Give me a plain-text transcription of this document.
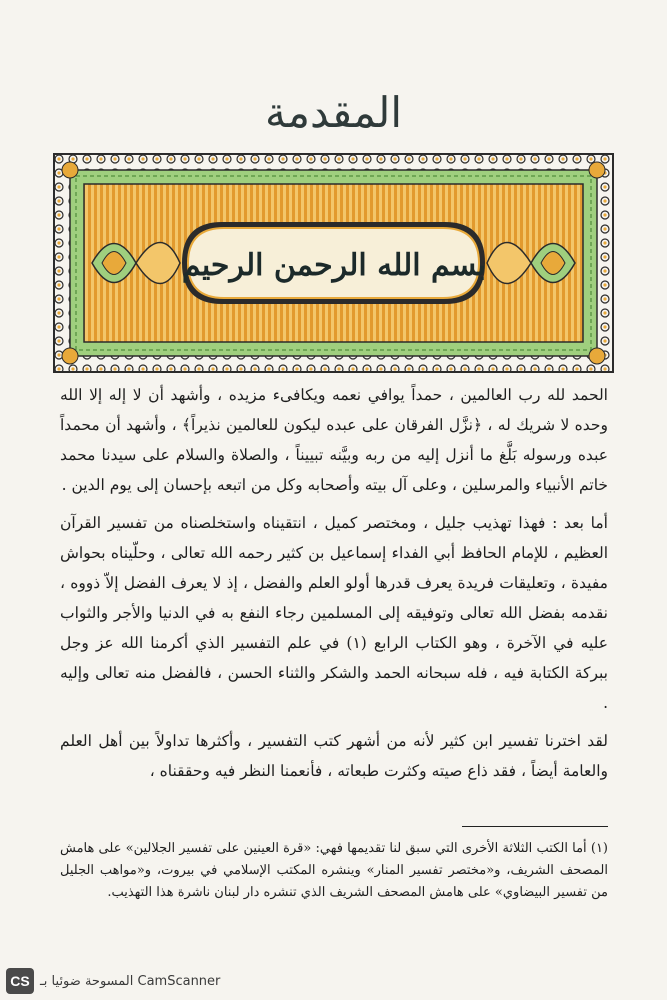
المقدمة
بسم الله الرحمن الرحيم

الحمد لله رب العالمين ، حمداً يوافي نعمه ويكافىء مزيده ، وأشهد أن لا إله إلا الله وحده لا شريك له ، ﴿نزَّل الفرقان على عبده ليكون للعالمين نذيراً﴾ ، وأشهد أن محمداً عبده ورسوله بَلَّغ ما أنزل إليه من ربه وبيَّنه تبييناً ، والصلاة والسلام على سيدنا محمد خاتم الأنبياء والمرسلين ، وعلى آل بيته وأصحابه وكل من اتبعه بإحسان إلى يوم الدين .

أما بعد : فهذا تهذيب جليل ، ومختصر كميل ، انتقيناه واستخلصناه من تفسير القرآن العظيم ، للإمام الحافظ أبي الفداء إسماعيل بن كثير رحمه الله تعالى ، وحلّيناه بحواش مفيدة ، وتعليقات فريدة يعرف قدرها أولو العلم والفضل ، إذ لا يعرف الفضل إلاّ ذووه ، نقدمه بفضل الله تعالى وتوفيقه إلى المسلمين رجاء النفع به في الدنيا والأجر والثواب عليه في الآخرة ، وهو الكتاب الرابع (١) في علم التفسير الذي أكرمنا الله عز وجل ببركة الكتابة فيه ، فله سبحانه الحمد والشكر والثناء الحسن ، فالفضل منه تعالى وإليه .

لقد اخترنا تفسير ابن كثير لأنه من أشهر كتب التفسير ، وأكثرها تداولاً بين أهل العلم والعامة أيضاً ، فقد ذاع صيته وكثرت طبعاته ، فأنعمنا النظر فيه وحققناه ،

(١) أما الكتب الثلاثة الأخرى التي سبق لنا تقديمها فهي: «قرة العينين على تفسير الجلالين» على هامش المصحف الشريف، و«مختصر تفسير المنار» وينشره المكتب الإسلامي في بيروت، و«مواهب الجليل من تفسير البيضاوي» على هامش المصحف الشريف الذي تنشره دار لبنان ناشرة هذا التهذيب.

CS المسوحة ضوئيا بـ CamScanner
